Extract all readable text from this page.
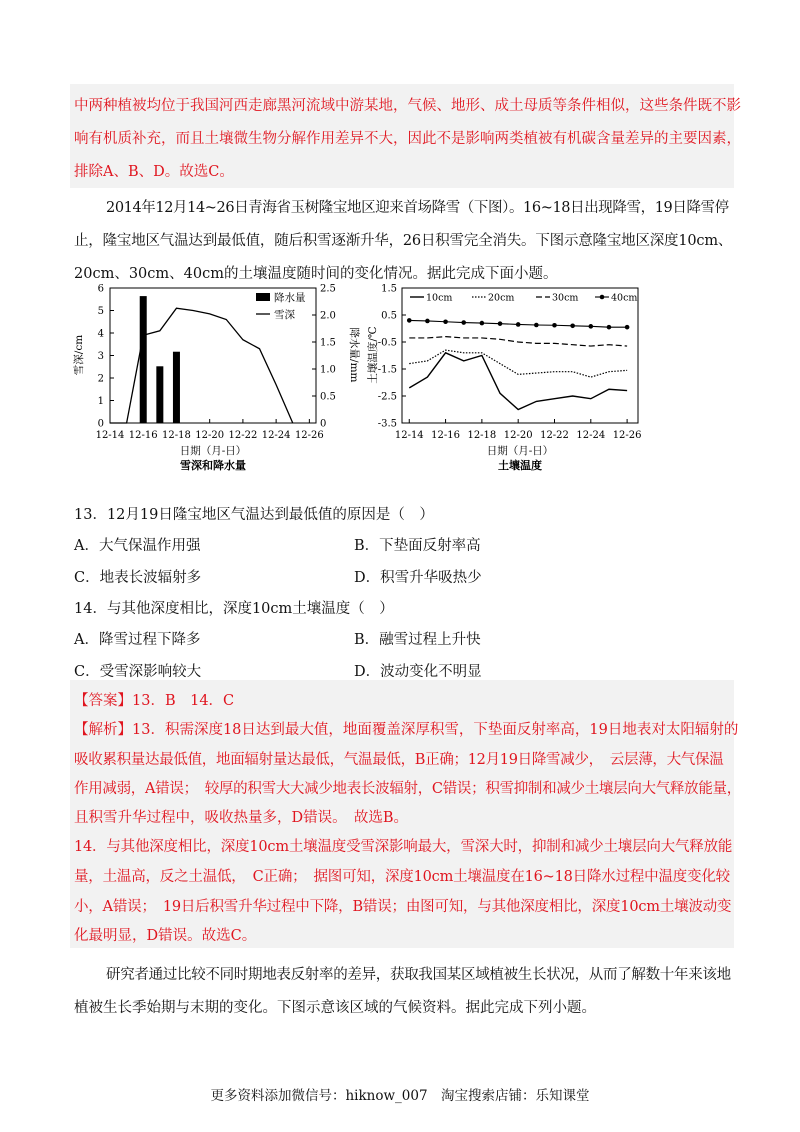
中两种植被均位于我国河西走廊黑河流域中游某地，气候、地形、成土母质等条件相似，这些条件既不影
响有机质补充，而且土壤微生物分解作用差异不大，因此不是影响两类植被有机碳含量差异的主要因素，
排除A、B、D。故选C。
2014年12月14~26日青海省玉树隆宝地区迎来首场降雪（下图）。16~18日出现降雪，19日降雪停
止，隆宝地区气温达到最低值，随后积雪逐渐升华，26日积雪完全消失。下图示意隆宝地区深度10cm、
20cm、30cm、40cm的土壤温度随时间的变化情况。据此完成下面小题。
0
1
2
3
4
5
6
0
0.5
1.0
1.5
2.0
2.5
12-14 12-16 12-18 12-20 12-22 12-24 12-26
降水量
雪深
雪深/cm	降水量/mm
日期（月-日）
雪深和降水量
1.5
0.5
-0.5
-1.5
-2.5
-3.5
12-14 12-16 12-18 12-20 12-22 12-24 12-26
10cm	20cm	30cm	40cm
土壤温度/℃
日期（月-日）
土壤温度
13．12月19日隆宝地区气温达到最低值的原因是（　）
A．大气保温作用强	B．下垫面反射率高
C．地表长波辐射多	D．积雪升华吸热少
14．与其他深度相比，深度10cm土壤温度（　）
A．降雪过程下降多	B．融雪过程上升快
C．受雪深影响较大	D．波动变化不明显
【答案】13．B　14．C
【解析】13．积需深度18日达到最大值，地面覆盖深厚积雪，下垫面反射率高，19日地表对太阳辐射的
吸收累积量达最低值，地面辐射量达最低，气温最低，B正确；12月19日降雪减少，　云层薄，大气保温
作用减弱，A错误；　较厚的积雪大大减少地表长波辐射，C错误；积雪抑制和减少土壤层向大气释放能量，
且积雪升华过程中，吸收热量多，D错误。　故选B。
14．与其他深度相比，深度10cm土壤温度受雪深影响最大，雪深大时，抑制和减少土壤层向大气释放能
量，土温高，反之土温低，　C正确；　据图可知，深度10cm土壤温度在16~18日降水过程中温度变化较
小，A错误；　19日后积雪升华过程中下降，B错误；由图可知，与其他深度相比，深度10cm土壤波动变
化最明显，D错误。故选C。
研究者通过比较不同时期地表反射率的差异，获取我国某区域植被生长状况，从而了解数十年来该地
植被生长季始期与末期的变化。下图示意该区域的气候资料。据此完成下列小题。
更多资料添加微信号：hiknow_007　淘宝搜索店铺：乐知课堂
